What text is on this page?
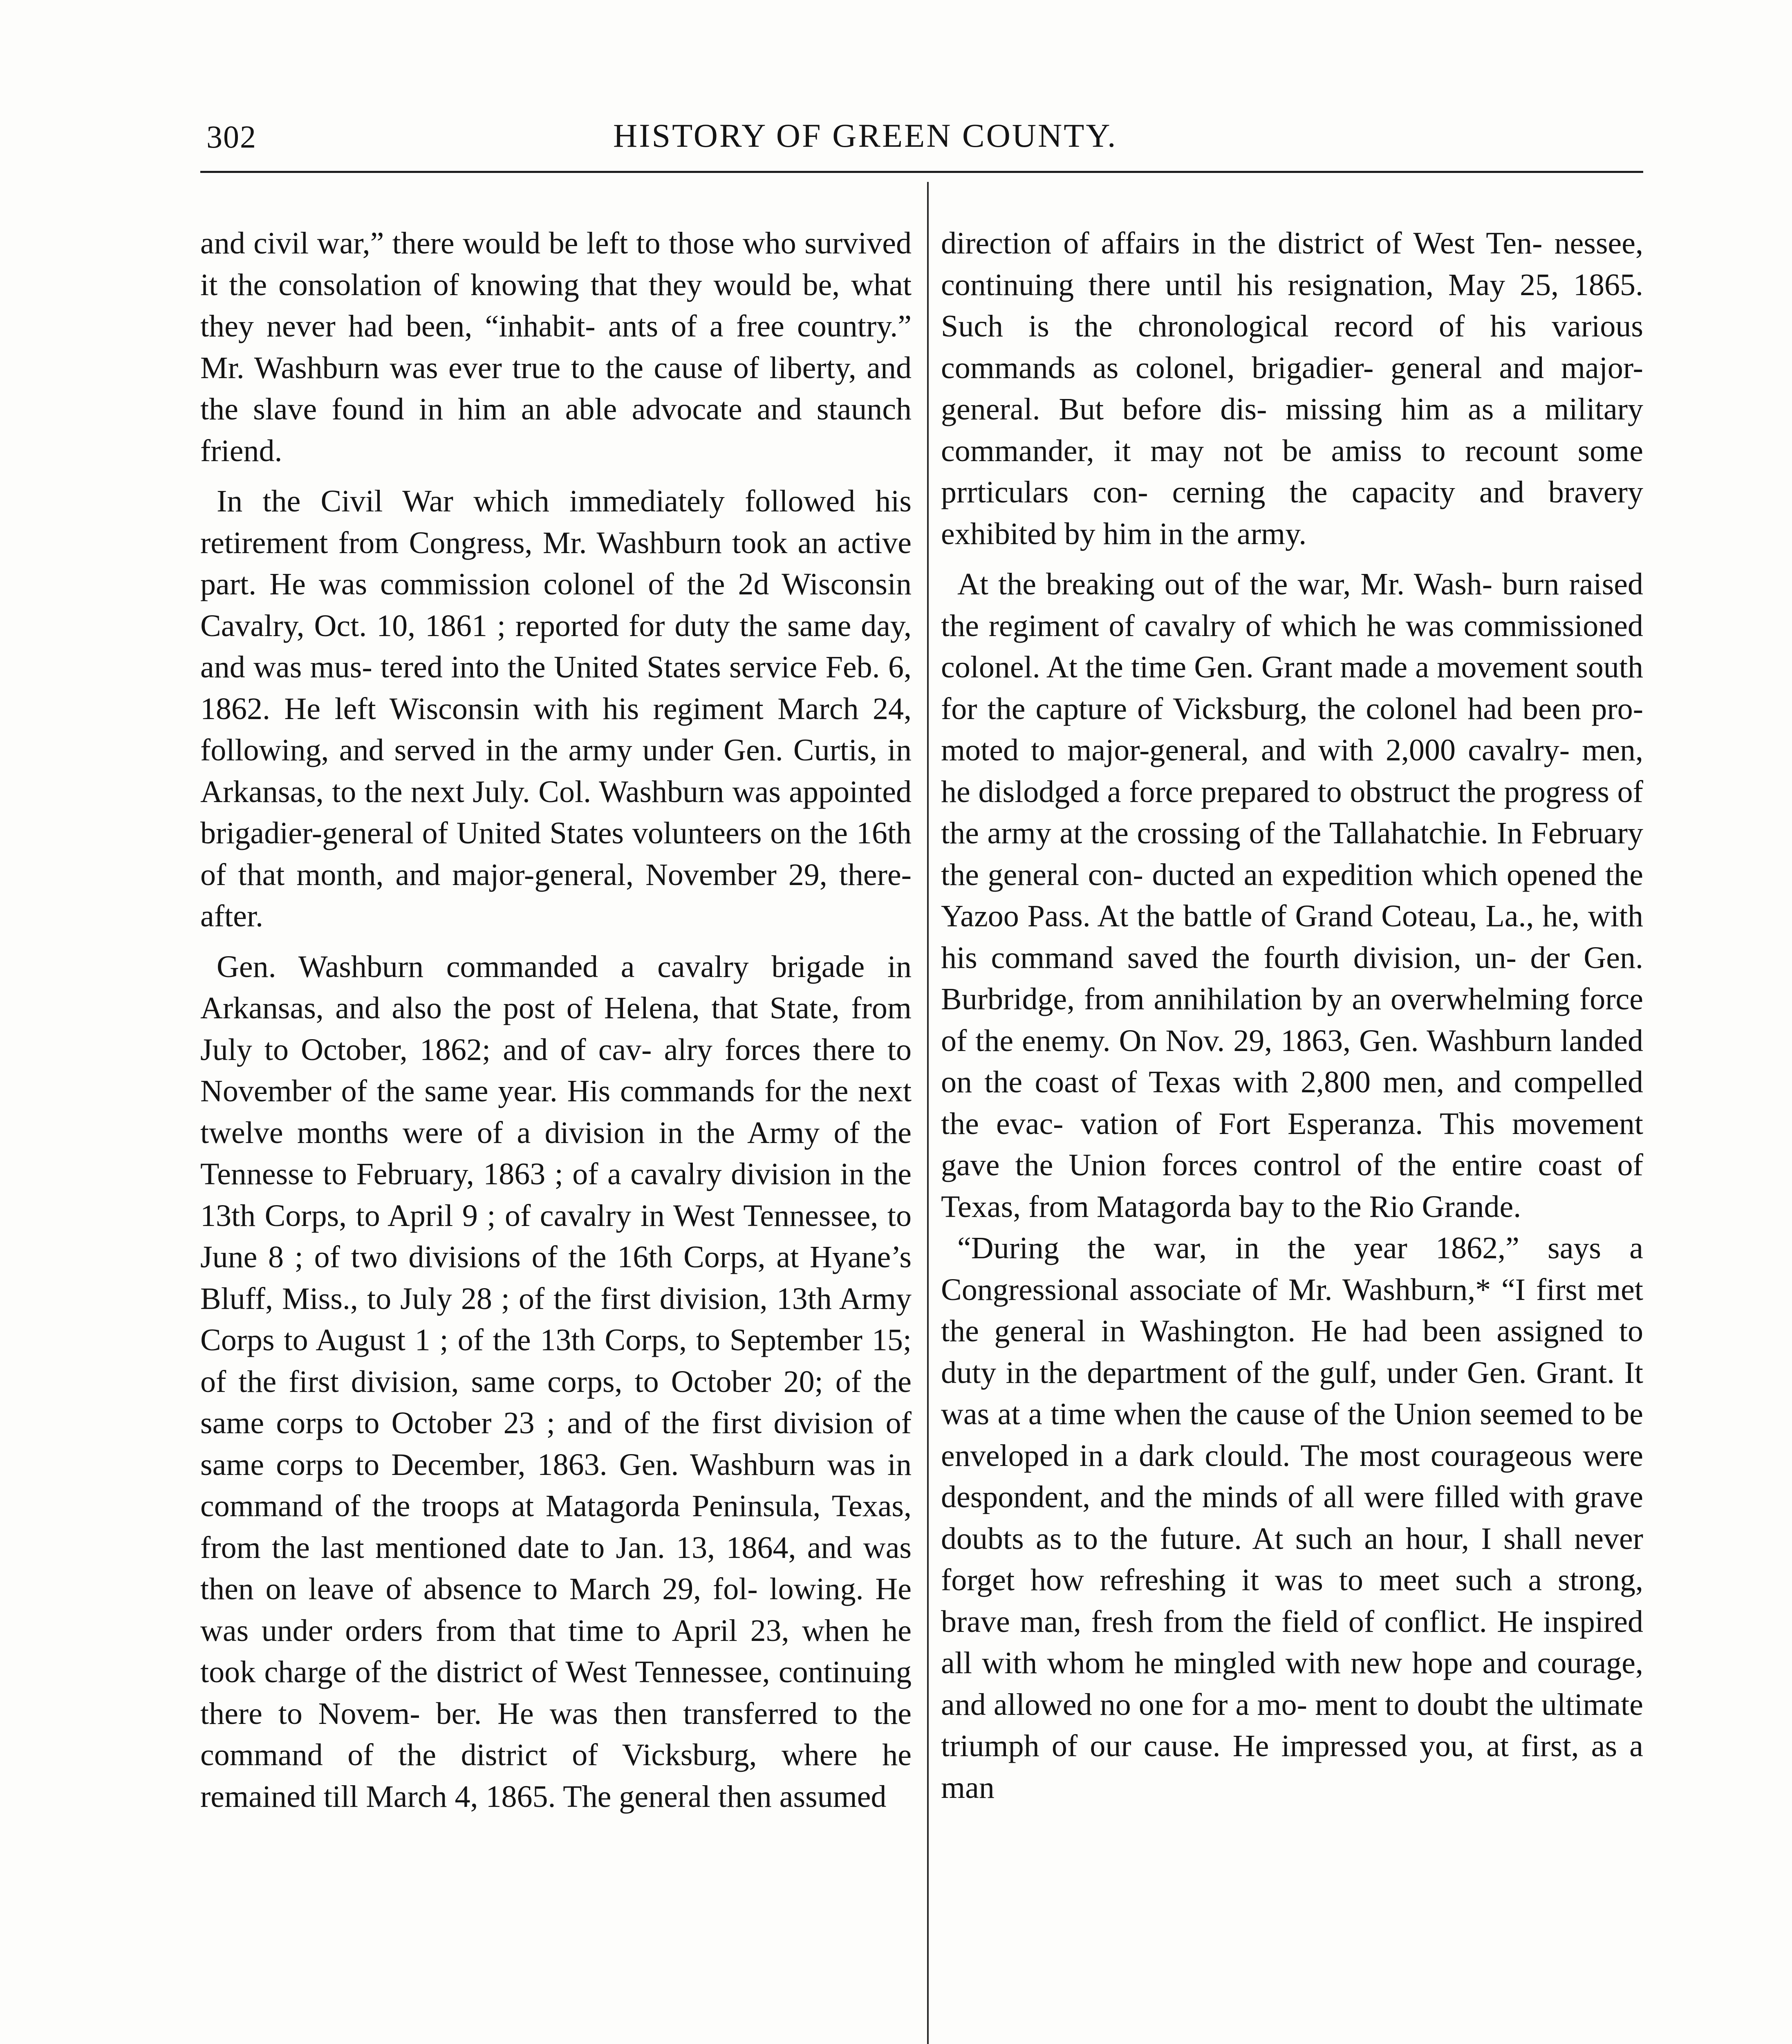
302	HISTORY OF GREEN COUNTY.

and civil war,” there would be left to those who survived it the consolation of knowing that they would be, what they never had been, “inhabit- ants of a free country.” Mr. Washburn was ever true to the cause of liberty, and the slave found in him an able advocate and staunch friend.

In the Civil War which immediately followed his retirement from Congress, Mr. Washburn took an active part. He was commission colonel of the 2d Wisconsin Cavalry, Oct. 10, 1861 ; reported for duty the same day, and was mus- tered into the United States service Feb. 6, 1862. He left Wisconsin with his regiment March 24, following, and served in the army under Gen. Curtis, in Arkansas, to the next July. Col. Washburn was appointed brigadier-general of United States volunteers on the 16th of that month, and major-general, November 29, there- after.

Gen. Washburn commanded a cavalry brigade in Arkansas, and also the post of Helena, that State, from July to October, 1862; and of cav- alry forces there to November of the same year. His commands for the next twelve months were of a division in the Army of the Tennesse to February, 1863 ; of a cavalry division in the 13th Corps, to April 9 ; of cavalry in West Tennessee, to June 8 ; of two divisions of the 16th Corps, at Hyane’s Bluff, Miss., to July 28 ; of the first division, 13th Army Corps to August 1 ; of the 13th Corps, to September 15; of the first division, same corps, to October 20; of the same corps to October 23 ; and of the first division of same corps to December, 1863. Gen. Washburn was in command of the troops at Matagorda Peninsula, Texas, from the last mentioned date to Jan. 13, 1864, and was then on leave of absence to March 29, fol- lowing. He was under orders from that time to April 23, when he took charge of the district of West Tennessee, continuing there to Novem- ber. He was then transferred to the command of the district of Vicksburg, where he remained till March 4, 1865. The general then assumed

direction of affairs in the district of West Ten- nessee, continuing there until his resignation, May 25, 1865. Such is the chronological record of his various commands as colonel, brigadier- general and major-general. But before dis- missing him as a military commander, it may not be amiss to recount some prrticulars con- cerning the capacity and bravery exhibited by him in the army.

At the breaking out of the war, Mr. Wash- burn raised the regiment of cavalry of which he was commissioned colonel. At the time Gen. Grant made a movement south for the capture of Vicksburg, the colonel had been pro- moted to major-general, and with 2,000 cavalry- men, he dislodged a force prepared to obstruct the progress of the army at the crossing of the Tallahatchie. In February the general con- ducted an expedition which opened the Yazoo Pass. At the battle of Grand Coteau, La., he, with his command saved the fourth division, un- der Gen. Burbridge, from annihilation by an overwhelming force of the enemy. On Nov. 29, 1863, Gen. Washburn landed on the coast of Texas with 2,800 men, and compelled the evac- vation of Fort Esperanza. This movement gave the Union forces control of the entire coast of Texas, from Matagorda bay to the Rio Grande.

“During the war, in the year 1862,” says a Congressional associate of Mr. Washburn,* “I first met the general in Washington. He had been assigned to duty in the department of the gulf, under Gen. Grant. It was at a time when the cause of the Union seemed to be enveloped in a dark clould. The most courageous were despondent, and the minds of all were filled with grave doubts as to the future. At such an hour, I shall never forget how refreshing it was to meet such a strong, brave man, fresh from the field of conflict. He inspired all with whom he mingled with new hope and courage, and allowed no one for a mo- ment to doubt the ultimate triumph of our cause. He impressed you, at first, as a man
